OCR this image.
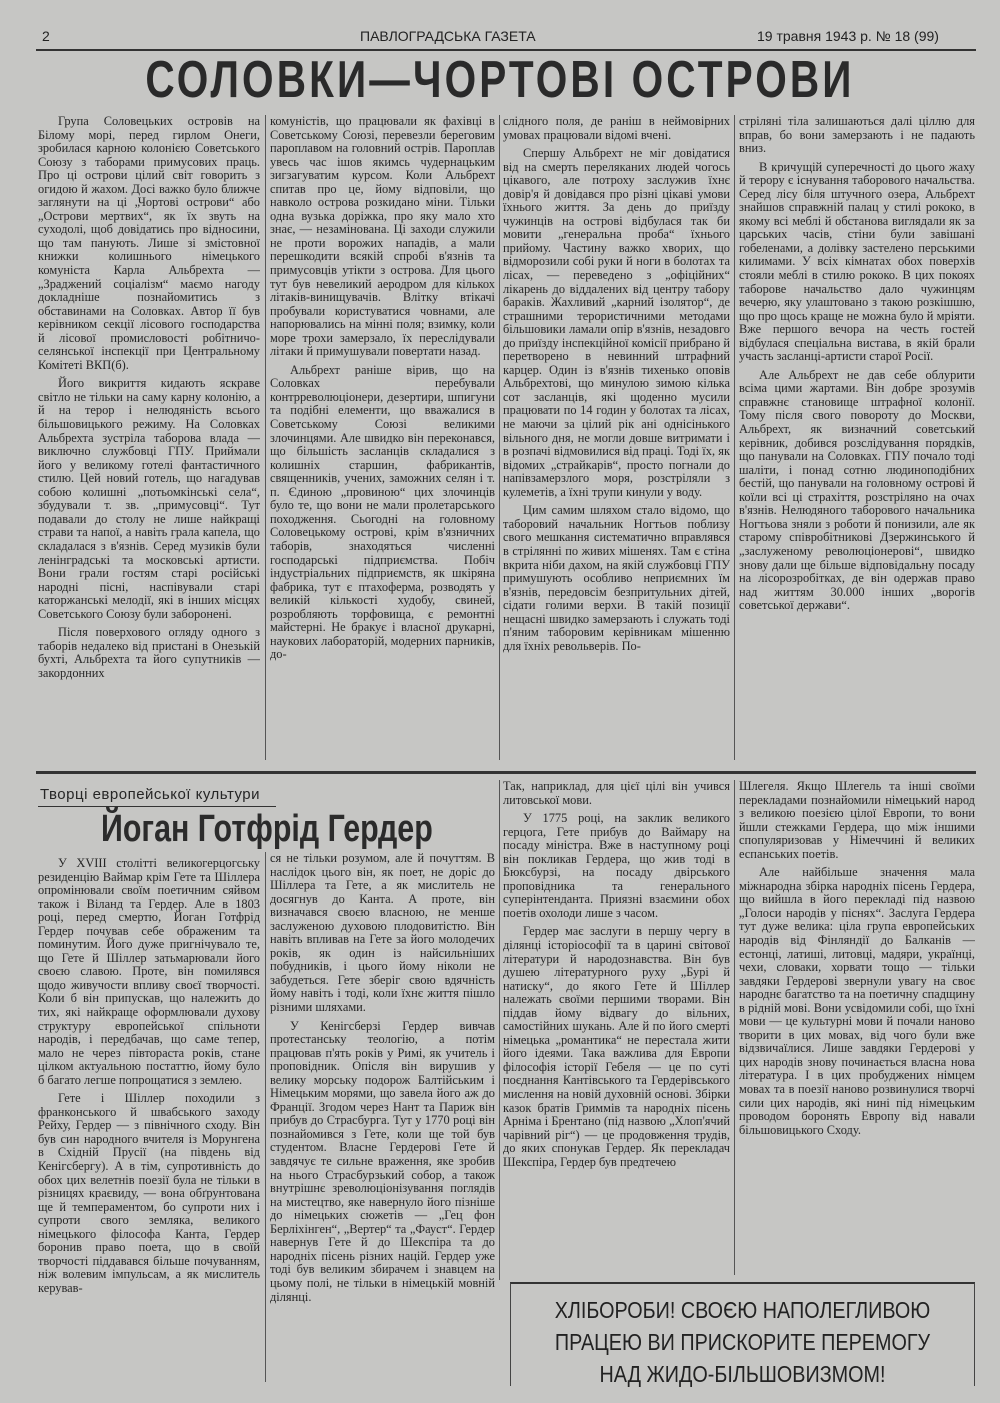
2	ПАВЛОГРАДСЬКА ГАЗЕТА	19 травня 1943 р. № 18 (99)
СОЛОВКИ—ЧОРТОВІ ОСТРОВИ

Група Соловецьких островів на Білому морі, перед гирлом Онеги, зробилася карною колонією Советського Союзу з таборами примусових праць. Про ці острови цілий світ говорить з огидою й жахом. Досі важко було ближче заглянути на ці „Чортові острови“ або „Острови мертвих“, як їх звуть на суходолі, щоб довідатись про відносини, що там панують. Лише зі змістовної книжки колишнього німецького комуніста Карла Альбрехта — „Зраджений соціалізм“ маємо нагоду докладніше познайомитись з обставинами на Соловках. Автор її був керівником секції лісового господарства й лісової промисловості робітничо-селянської інспекції при Центральному Комітеті ВКП(б).

Його викриття кидають яскраве світло не тільки на саму карну колонію, а й на терор і нелюдяність всього більшовицького режиму. На Соловках Альбрехта зустріла таборова влада — виключно службовці ГПУ. Приймали його у великому готелі фантастичного стилю. Цей новий готель, що нагадував собою колишні „потьомкінські села“, збудували т. зв. „примусовці“. Тут подавали до столу не лише найкращі страви та напої, а навіть грала капела, що складалася з в'язнів. Серед музиків були ленінградські та московські артисти. Вони грали гостям старі російські народні пісні, наспівували старі каторжанські мелодії, які в інших місцях Советського Союзу були заборонені.

Після поверхового огляду одного з таборів недалеко від пристані в Онезькій бухті, Альбрехта та його супутників — закордонних

комуністів, що працювали як фахівці в Советському Союзі, перевезли береговим пароплавом на головний острів. Пароплав увесь час ішов якимсь чудернацьким зигзагуватим курсом. Коли Альбрехт спитав про це, йому відповіли, що навколо острова розкидано міни. Тільки одна вузька доріжка, про яку мало хто знає, — незамінована. Ці заходи служили не проти ворожих нападів, а мали перешкодити всякій спробі в'язнів та примусовців утікти з острова. Для цього тут був невеликий аеродром для кількох літаків-винищувачів. Влітку втікачі пробували користуватися човнами, але напорювались на мінні поля; взимку, коли море трохи замерзало, їх переслідували літаки й примушували повертати назад.

Альбрехт раніше вірив, що на Соловках перебували контрреволюціонери, дезертири, шпигуни та подібні елементи, що вважалися в Советському Союзі великими злочинцями. Але швидко він переконався, що більшість засланців складалися з колишніх старшин, фабрикантів, священників, учених, заможних селян і т. п. Єдиною „провиною“ цих злочинців було те, що вони не мали пролетарського походження. Сьогодні на головному Соловецькому острові, крім в'язничних таборів, знаходяться численні господарські підприємства. Побіч індустріальних підприємств, як шкіряна фабрика, тут є птахоферма, розводять у великій кількості худобу, свиней, розробляють торфовища, є ремонтні майстерні. Не бракує і власної друкарні, наукових лабораторій, модерних парників, до-

слідного поля, де раніш в неймовірних умовах працювали відомі вчені.

Спершу Альбрехт не міг довідатися від на смерть переляканих людей чогось цікавого, але потроху заслужив їхнє довір'я й довідався про різні цікаві умови їхнього життя. За день до приїзду чужинців на острові відбулася так би мовити „генеральна проба“ їхнього прийому. Частину важко хворих, що відморозили собі руки й ноги в болотах та лісах, — переведено з „офіційних“ лікарень до віддалених від центру табору бараків. Жахливий „карний ізолятор“, де страшними терористичними методами більшовики ламали опір в'язнів, незадовго до приїзду інспекційної комісії прибрано й перетворено в невинний штрафний карцер. Один із в'язнів тихенько оповів Альбрехтові, що минулою зимою кілька сот засланців, які щоденно мусили працювати по 14 годин у болотах та лісах, не маючи за цілий рік ані однісінького вільного дня, не могли довше витримати і в розпачі відмовилися від праці. Тоді їх, як відомих „страйкарів“, просто погнали до напівзамерзлого моря, розстріляли з кулеметів, а їхні трупи кинули у воду.

Цим самим шляхом стало відомо, що таборовий начальник Ногтьов поблизу свого мешкання систематично вправлявся в стрілянні по живих мішенях. Там є стіна вкрита ніби дахом, на якій службовці ГПУ примушують особливо неприємних їм в'язнів, передовсім безпритульних дітей, сідати голими верхи. В такій позиції нещасні швидко замерзають і служать тоді п'яним таборовим керівникам мішенню для їхніх револьверів. По-

стріляні тіла залишаються далі ціллю для вправ, бо вони замерзають і не падають вниз.

В кричущій суперечності до цього жаху й терору є існування таборового начальства. Серед лісу біля штучного озера, Альбрехт знайшов справжній палац у стилі рококо, в якому всі меблі й обстанова виглядали як за царських часів, стіни були завішані гобеленами, а долівку застелено перськими килимами. У всіх кімнатах обох поверхів стояли меблі в стилю рококо. В цих покоях таборове начальство дало чужинцям вечерю, яку улаштовано з такою розкішшю, що про щось краще не можна було й мріяти. Вже першого вечора на честь гостей відбулася спеціальна вистава, в якій брали участь засланці-артисти старої Росії.

Але Альбрехт не дав себе облурити всіма цими жартами. Він добре зрозумів справжнє становище штрафної колонії. Тому після свого повороту до Москви, Альбрехт, як визначний советський керівник, добився розслідування порядків, що панували на Соловках. ГПУ почало тоді шаліти, і понад сотню людиноподібних бестій, що панували на головному острові й коїли всі ці страхіття, розстріляно на очах в'язнів. Нелюдяного таборового начальника Ногтьова зняли з роботи й понизили, але як старому співробітникові Дзержинського й „заслуженому революціонерові“, швидко знову дали ще більше відповідальну посаду на лісорозробітках, де він одержав право над життям 30.000 інших „ворогів советської держави“.

Творці европейської культури
Йоган Готфрід Гердер

У XVIII столітті великогерцогську резиденцію Ваймар крім Гете та Шіллера опромінювали своїм поетичним сяйвом також і Віланд та Гердер. Але в 1803 році, перед смертю, Йоган Готфрід Гердер почував себе ображеним та поминутим. Його дуже пригнічувало те, що Гете й Шіллер затьмарювали його своєю славою. Проте, він помилявся щодо живучости впливу своєї творчості. Коли б він припускав, що належить до тих, які найкраще оформлювали духову структуру европейської спільноти народів, і передбачав, що саме тепер, мало не через півтораста років, стане цілком актуальною постаттю, йому було б багато легше попрощатися з землею.

Гете і Шіллер походили з франконського й швабського заходу Рейху, Гердер — з північного сходу. Він був син народного вчителя із Морунгена в Східній Прусії (на південь від Кенігсбергу). А в тім, супротивність до обох цих велетнів поезії була не тільки в різницях краєвиду, — вона обґрунтована ще й темпераментом, бо супроти них і супроти свого земляка, великого німецького філософа Канта, Гердер боронив право поета, що в своїй творчості піддавався більше почуванням, ніж волевим імпульсам, а як мислитель керував-

ся не тільки розумом, але й почуттям. В наслідок цього він, як поет, не доріс до Шіллера та Гете, а як мислитель не досягнув до Канта. А проте, він визначався своєю власною, не менше заслуженою духовою плодовитістю. Він навіть впливав на Гете за його молодечих років, як один із найсильніших побудників, і цього йому ніколи не забудеться. Гете зберіг свою вдячність йому навіть і тоді, коли їхнє життя пішло різними шляхами.

У Кенігсберзі Гердер вивчав протестанську теологію, а потім працював п'ять років у Римі, як учитель і проповідник. Опісля він вирушив у велику морську подорож Балтійським і Німецьким морями, що завела його аж до Франції. Згодом через Нант та Париж він прибув до Страсбурга. Тут у 1770 році він познайомився з Гете, коли ще той був студентом. Власне Гердерові Гете й завдячує те сильне враження, яке зробив на нього Страсбурзький собор, а також внутрішнє зреволюціонізування поглядів на мистецтво, яке навернуло його пізніше до німецьких сюжетів — „Гец фон Берліхінген“, „Вертер“ та „Фауст“. Гердер навернув Гете й до Шекспіра та до народніх пісень різних націй. Гердер уже тоді був великим збирачем і знавцем на цьому полі, не тільки в німецькій мовній ділянці.

Так, наприклад, для цієї цілі він учився литовської мови.

У 1775 році, на заклик великого герцога, Гете прибув до Ваймару на посаду міністра. Вже в наступному році він покликав Гердера, що жив тоді в Бюксбурзі, на посаду двірського проповідника та генерального суперінтенданта. Приязні взаємини обох поетів охолоди лише з часом.

Гердер має заслуги в першу чергу в ділянці історіософії та в царині світової літератури й народознавства. Він був душею літературного руху „Бурі й натиску“, до якого Гете й Шіллер належать своїми першими творами. Він піддав йому відвагу до вільних, самостійних шукань. Але й по його смерті німецька „романтика“ не перестала жити його ідеями. Така важлива для Европи філософія історії Гебеля — це по суті поєднання Кантівського та Гердерівського мислення на новій духовній основі. Збірки казок братів Гриммів та народніх пісень Арніма і Брентано (під назвою „Хлоп'ячий чарівний ріг“) — це продовження трудів, до яких спонукав Гердер. Як перекладач Шекспіра, Гердер був предтечею

Шлегеля. Якщо Шлегель та інші своїми перекладами познайомили німецький народ з великою поезією цілої Европи, то вони йшли стежками Гердера, що між іншими спопуляризовав у Німеччині й великих еспанських поетів.

Але найбільше значення мала міжнародна збірка народніх пісень Гердера, що вийшла в його перекладі під назвою „Голоси народів у піснях“. Заслуга Гердера тут дуже велика: ціла група европейських народів від Фінляндії до Балканів — естонці, латиші, литовці, мадяри, українці, чехи, словаки, хорвати тощо — тільки завдяки Гердерові звернули увагу на своє народнє багатство та на поетичну спадщину в рідній мові. Вони усвідомили собі, що їхні мови — це культурні мови й почали наново творити в цих мовах, від чого були вже відзвичаїлися. Лише завдяки Гердерові у цих народів знову починається власна нова література. І в цих пробуджених німцем мовах та в поезії наново розвинулися творчі сили цих народів, які нині під німецьким проводом боронять Европу від навали більшовицького Сходу.

ХЛІБОРОБИ! СВОЄЮ НАПОЛЕГЛИВОЮ
ПРАЦЕЮ ВИ ПРИСКОРИТЕ ПЕРЕМОГУ
НАД ЖИДО-БІЛЬШОВИЗМОМ!
